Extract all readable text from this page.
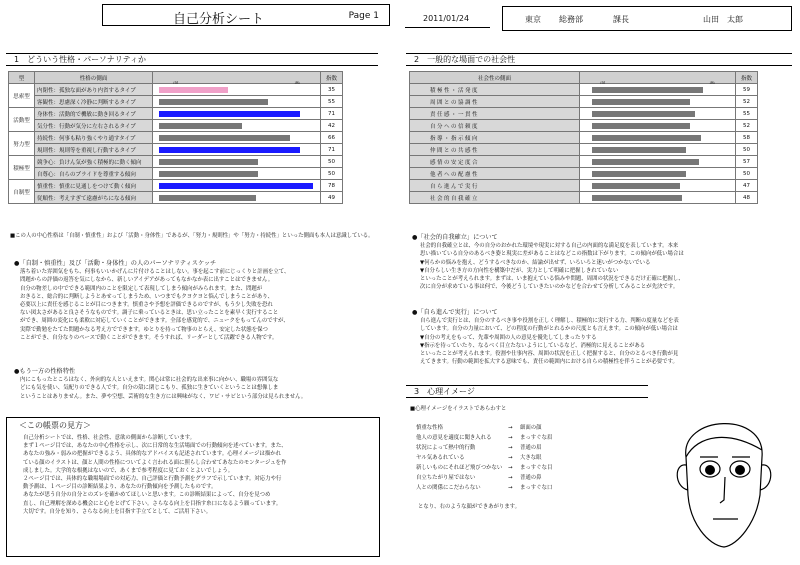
自己分析シート	Page 1	2011/01/24	東京 総務部	課長	山田　太郎
1　どういう性格・パーソナリティか
型	性格の側面		指数
思索型	内閉性：孤独な面があり内省するタイプ		35
	客観性：思慮深く冷静に判断するタイプ		55
活動型	身体性：活動的で機敏に動き回るタイプ		71
	気分性：行動が気分に左右されるタイプ		42
努力型	持続性：何事も粘り強くやり通すタイプ		66
	規則性：規則等を重視し行動するタイプ		71
積極型	競争心：負けん気が強く積極的に動く傾向		50
	自尊心：自らのプライドを尊重する傾向		50
自制型	慎重性：慎重に見通しをつけて動く傾向		78
	従順性：考えすぎて遠慮がちになる傾向		49
■この人の中心性格は「自制・慎重性」および「活動・身体性」であるが、「努力・規則性」や「努力・持続性」といった側面も本人は意識している。
●「自制・慎重性」及び「活動・身体性」の人のパーソナリティスケッチ
落ち着いた雰囲気をもち、何事もいいかげんに片付けることはしない。事を起こす前にじっくりと計画を立て、
問題からの評価の返答を気にしなから、新しいアイデアがあってもなかなか表に出すことはできません。
自分の物差しの中でできる範囲内のことを限定して表現してしまう傾向がみられます。また、問題が
おきると、総合的に判断しようとあせってしまうため、いつまでもクヨクヨと悩んでしまうことがあり、
必要以上に責任を感じることが目につきます。慎重さや予想を評価できるのですが、もう少し失敗を恐れ
ない図太さがあると良さそうなものです。調子に乗っているときは、思い立ったことを素早く実行すること
ができ、周囲の変化にも柔軟に対応していくことができます。全部を感覚的で、ニュークをもってんのですが、
実際で勤勉をたてた問題かなる考え方でできます。ゆとりを持って物事のとらえ、安定した状態を保つ
ことができ、自分なりのペースで動くことができます。そうすれば、リーダーとして活躍できる人物です。
●もう一方の性格特性
内にこもったところはなく、外向的な人といえます。関心は常に社会的な出来事に向かい、職場の雰囲気な
どにも気を使い、気配りのできる人です。自分の殻に閉じこもり、孤独に生きていくということは想像しま
ということはありません。また、夢や空想、芸術的な生き方には興味がなく、ワビ・サビという部分は見られません。
＜この帳票の見方＞
自己分析シートでは、性格、社会性、意欲の側面から診断しています。
まず１ページ目では、あなたの中心性格を示し、次に日常的な生活場面での行動傾向を述べています。また、
あなたの強み・弱みの把握ができるよう、具体的なアドバイスも記述されています。心理イメージは描かれ
ている顔のイラストは、顔と人間の性格についてよく言われる面に照らし合わせてあなたのモンタージュを作
成しました。大学的な根拠はないので、あくまで参考程度に見ておくとよいでしょう。
２ページ目では、具体的な職場場面での対応力、自己評価と行動予測をグラフで示しています。対応力や行
動予測は、１ページ目の診断結果より、あなたの行動傾向を予測したものです。
あなたが思う自分の自分とのズレを確かめてほしいと思います。この診断結果によって、自分を見つめ
直し、自己理解を深める機会にと心をとげて下さい。さらなる向上を目指す糸口になるよう願っています。
大切です。自分を知り、さらなる向上を目指す手立てとして、ご活用下さい。
2　一般的な場面での社会性
社会性の側面		指数
積極性・活発度		59
周囲との協調性		52
責任感・一貫性		55
自分への信頼度		52
指導・指示傾向		58
仲間との共感性		50
感情の安定度合		57
他者への配慮性		50
自ら進んで実行		47
社会的自我確立		48
●「社会的自我確立」について
社会的自我確立とは、今の自分のおかれた環境や現実に対する自己の内面的な満足度を表しています。本来
思い描いている自分のあるべき姿と現実に差があることはなどこの指数は下がります。この傾向が低い場合は
▼何らかの悩みを抱え、どうするべきなのか、結論が出せず、いろいろと迷いがつかないでいる
▼自分らしい生き方の方向性を構築中だが、実力として明確に把握しきれていない
といったことが考えられます。まずは、いま抱えている悩みや問題、周囲の状況をできるだけ正確に把握し、
次に自分が求めている事は何で、今後どうしていきたいのかなどを合わせて分析してみることが先決です。
●「自ら進んで実行」について
自ら進んで実行とは、自分のするべき事や役割を正しく理解し、積極的に実行する力、判断の度量などを表
しています。自分の力量において、どの程度の行動がとれるかの尺度とも言えます。この傾向が低い場合は
▼自分の考えをもって、先輩や周囲の人の意見を優先してしまったりする
▼指示を待っていたり、なるべく目立たないようにしているなど、消極的に見えることがある
といったことが考えられます。役割や仕事内容、周囲の状況を正しく把握すると、自分のとるべき行動が見
えてきます。行動の範囲を拡大する意味でも、責任の範囲内における自らの積極性を伴うことが必要です。
3　心理イメージ
■心理イメージをイラストであらわすと
慎重な性格	→ 細面の顔
他人の意見を適度に聞き入れる	→ まっすぐな眉
状況によって熱中的行動	→ 普通の眉
ヤル気あるれている	→ 大きな眼
新しいものにそれほど飛びつかない → まっすぐな目
自立ちたがり屋ではない	→ 普通の鼻
人との関係にこだわらない	→ まっすぐな口
となり、右のような顔ができあがります。
